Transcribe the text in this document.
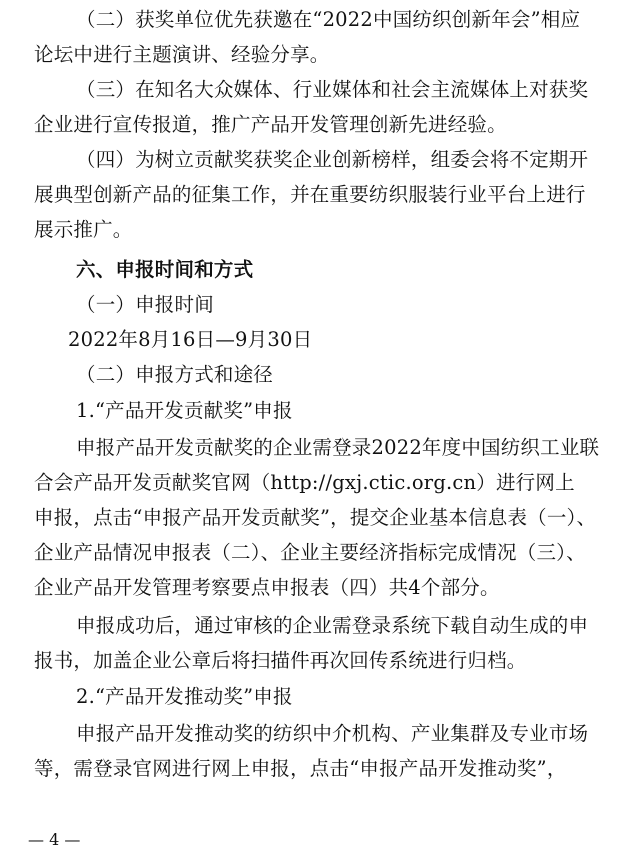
（二）获奖单位优先获邀在“2022中国纺织创新年会”相应
论坛中进行主题演讲、经验分享。
（三）在知名大众媒体、行业媒体和社会主流媒体上对获奖
企业进行宣传报道，推广产品开发管理创新先进经验。
（四）为树立贡献奖获奖企业创新榜样，组委会将不定期开
展典型创新产品的征集工作，并在重要纺织服装行业平台上进行
展示推广。
六、申报时间和方式
（一）申报时间
2022年8月16日—9月30日
（二）申报方式和途径
1.“产品开发贡献奖”申报
申报产品开发贡献奖的企业需登录2022年度中国纺织工业联
合会产品开发贡献奖官网（http://gxj.ctic.org.cn）进行网上
申报，点击“申报产品开发贡献奖”，提交企业基本信息表（一）、
企业产品情况申报表（二）、企业主要经济指标完成情况（三）、
企业产品开发管理考察要点申报表（四）共4个部分。
申报成功后，通过审核的企业需登录系统下载自动生成的申
报书，加盖企业公章后将扫描件再次回传系统进行归档。
2.“产品开发推动奖”申报
申报产品开发推动奖的纺织中介机构、产业集群及专业市场
等，需登录官网进行网上申报，点击“申报产品开发推动奖”，
— 4 —
